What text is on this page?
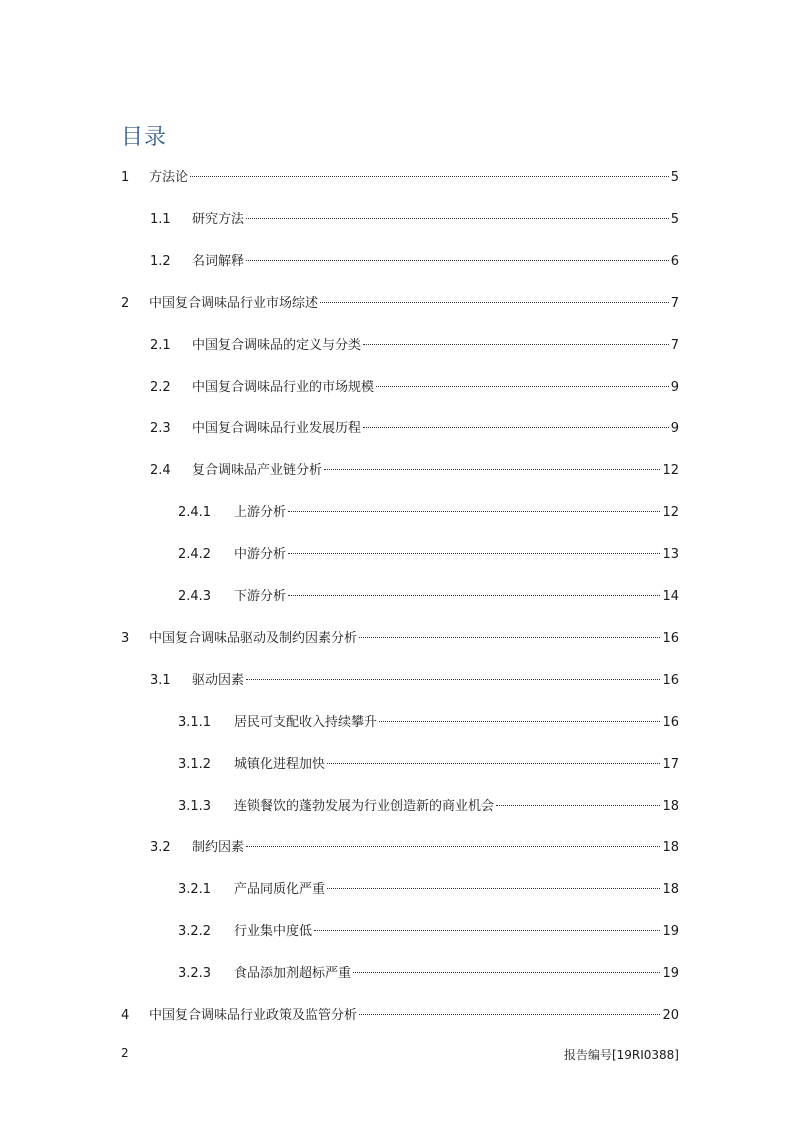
目录
1	方法论	5
1.1	研究方法	5
1.2	名词解释	6
2	中国复合调味品行业市场综述	7
2.1	中国复合调味品的定义与分类	7
2.2	中国复合调味品行业的市场规模	9
2.3	中国复合调味品行业发展历程	9
2.4	复合调味品产业链分析	12
2.4.1	上游分析	12
2.4.2	中游分析	13
2.4.3	下游分析	14
3	中国复合调味品驱动及制约因素分析	16
3.1	驱动因素	16
3.1.1	居民可支配收入持续攀升	16
3.1.2	城镇化进程加快	17
3.1.3	连锁餐饮的蓬勃发展为行业创造新的商业机会	18
3.2	制约因素	18
3.2.1	产品同质化严重	18
3.2.2	行业集中度低	19
3.2.3	食品添加剂超标严重	19
4	中国复合调味品行业政策及监管分析	20
2	报告编号[19RI0388]
